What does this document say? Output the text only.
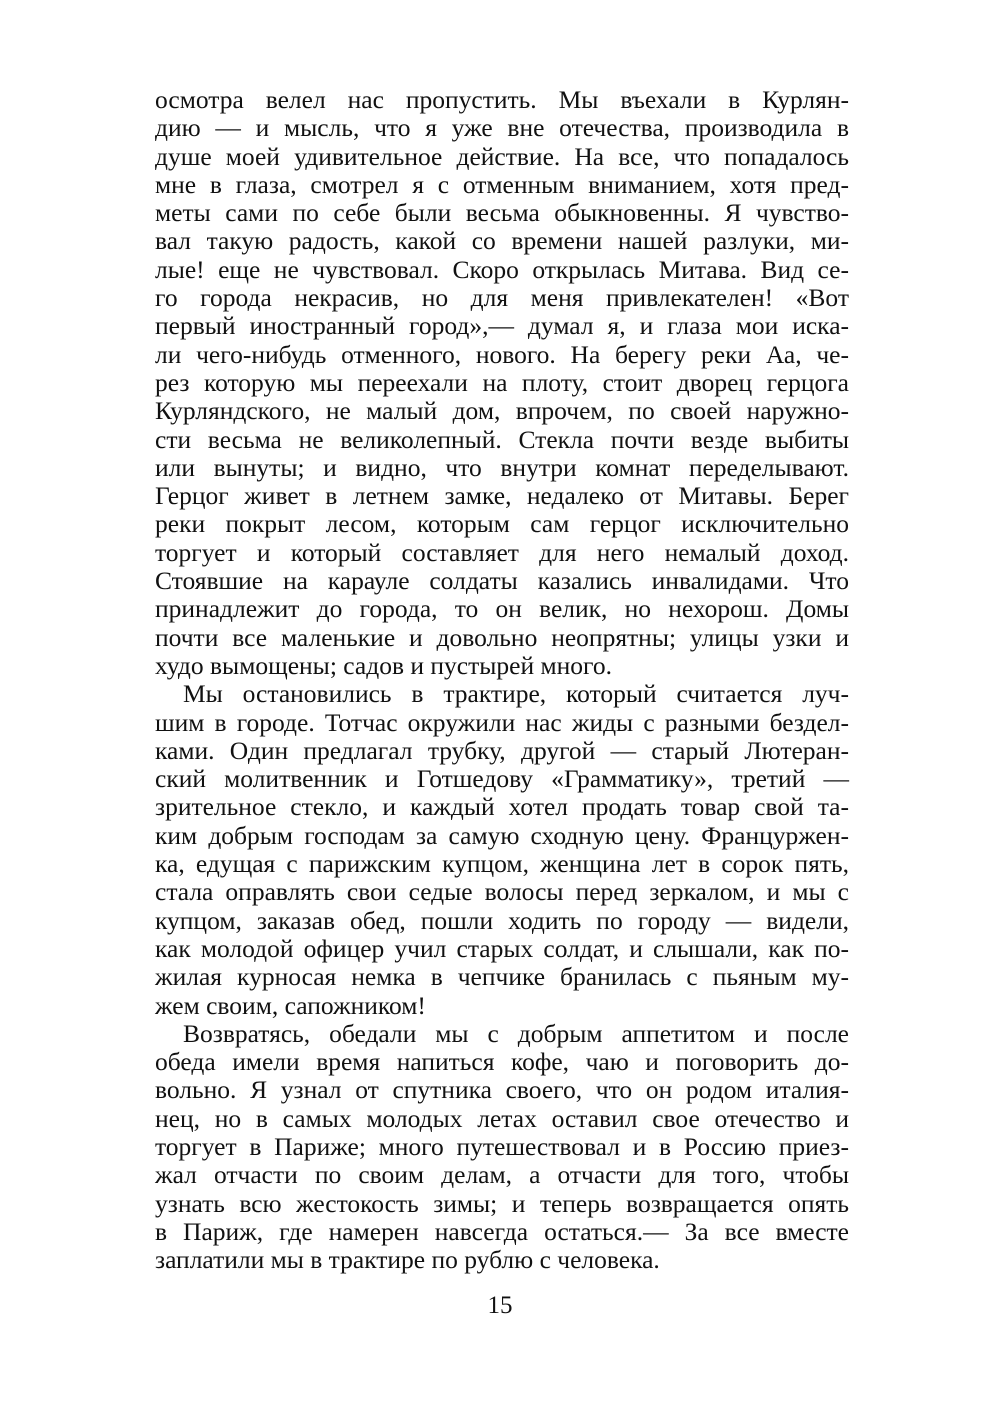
осмотра велел нас пропустить. Мы въехали в Курлян-
дию — и мысль, что я уже вне отечества, производила в
душе моей удивительное действие. На все, что попадалось
мне в глаза, смотрел я с отменным вниманием, хотя пред-
меты сами по себе были весьма обыкновенны. Я чувство-
вал такую радость, какой со времени нашей разлуки, ми-
лые! еще не чувствовал. Скоро открылась Митава. Вид се-
го города некрасив, но для меня привлекателен! «Вот
первый иностранный город»,— думал я, и глаза мои иска-
ли чего-нибудь отменного, нового. На берегу реки Аа, че-
рез которую мы переехали на плоту, стоит дворец герцога
Курляндского, не малый дом, впрочем, по своей наружно-
сти весьма не великолепный. Стекла почти везде выбиты
или вынуты; и видно, что внутри комнат переделывают.
Герцог живет в летнем замке, недалеко от Митавы. Берег
реки покрыт лесом, которым сам герцог исключительно
торгует и который составляет для него немалый доход.
Стоявшие на карауле солдаты казались инвалидами. Что
принадлежит до города, то он велик, но нехорош. Домы
почти все маленькие и довольно неопрятны; улицы узки и
худо вымощены; садов и пустырей много.
Мы остановились в трактире, который считается луч-
шим в городе. Тотчас окружили нас жиды с разными бездел-
ками. Один предлагал трубку, другой — старый Лютеран-
ский молитвенник и Готшедову «Грамматику», третий —
зрительное стекло, и каждый хотел продать товар свой та-
ким добрым господам за самую сходную цену. Француржен-
ка, едущая с парижским купцом, женщина лет в сорок пять,
стала оправлять свои седые волосы перед зеркалом, и мы с
купцом, заказав обед, пошли ходить по городу — видели,
как молодой офицер учил старых солдат, и слышали, как по-
жилая курносая немка в чепчике бранилась с пьяным му-
жем своим, сапожником!
Возвратясь, обедали мы с добрым аппетитом и после
обеда имели время напиться кофе, чаю и поговорить до-
вольно. Я узнал от спутника своего, что он родом италия-
нец, но в самых молодых летах оставил свое отечество и
торгует в Париже; много путешествовал и в Россию приез-
жал отчасти по своим делам, а отчасти для того, чтобы
узнать всю жестокость зимы; и теперь возвращается опять
в Париж, где намерен навсегда остаться.— За все вместе
заплатили мы в трактире по рублю с человека.
15
